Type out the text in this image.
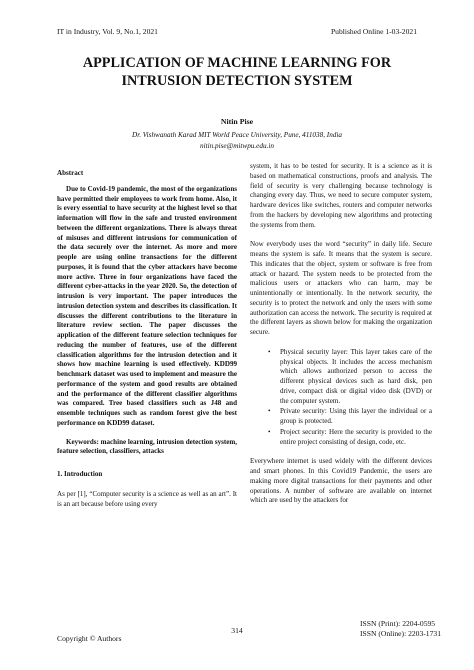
IT in Industry, Vol. 9, No.1, 2021	Published Online 1-03-2021
APPLICATION OF MACHINE LEARNING FOR
INTRUSION DETECTION SYSTEM
Nitin Pise
Dr. Vishwanath Karad MIT World Peace University, Pune, 411038, India
nitin.pise@mitwpu.edu.in

Abstract

Due to Covid-19 pandemic, the most of the organizations have permitted their employees to work from home. Also, it is every essential to have security at the highest level so that information will flow in the safe and trusted environment between the different organizations. There is always threat of misuses and different intrusions for communication of the data securely over the internet. As more and more people are using online transactions for the different purposes, it is found that the cyber attackers have become more active. Three in four organizations have faced the different cyber-attacks in the year 2020. So, the detection of intrusion is very important. The paper introduces the intrusion detection system and describes its classification. It discusses the different contributions to the literature in literature review section. The paper discusses the application of the different feature selection techniques for reducing the number of features, use of the different classification algorithms for the intrusion detection and it shows how machine learning is used effectively. KDD99 benchmark dataset was used to implement and measure the performance of the system and good results are obtained and the performance of the different classifier algorithms was compared. Tree based classifiers such as J48 and ensemble techniques such as random forest give the best performance on KDD99 dataset.

Keywords: machine learning, intrusion detection system, feature selection, classifiers, attacks

1. Introduction

As per [1], “Computer security is a science as well as an art”. It is an art because before using every

system, it has to be tested for security. It is a science as it is based on mathematical constructions, proofs and analysis. The field of security is very challenging because technology is changing every day. Thus, we need to secure computer system, hardware devices like switches, routers and computer networks from the hackers by developing new algorithms and protecting the systems from them.

Now everybody uses the word “security” in daily life. Secure means the system is safe. It means that the system is secure. This indicates that the object, system or software is free from attack or hazard. The system needs to be protected from the malicious users or attackers who can harm, may be unintentionally or intentionally. In the network security, the security is to protect the network and only the users with some authorization can access the network. The security is required at the different layers as shown below for making the organization secure.

• Physical security layer: This layer takes care of the physical objects. It includes the access mechanism which allows authorized person to access the different physical devices such as hard disk, pen drive, compact disk or digital video disk (DVD) or the computer system.
• Private security: Using this layer the individual or a group is protected.
• Project security: Here the security is provided to the entire project consisting of design, code, etc.

Everywhere internet is used widely with the different devices and smart phones. In this Covid19 Pandemic, the users are making more digital transactions for their payments and other operations. A number of software are available on internet which are used by the attackers for

Copyright © Authors
314
ISSN (Print): 2204-0595
ISSN (Online): 2203-1731
